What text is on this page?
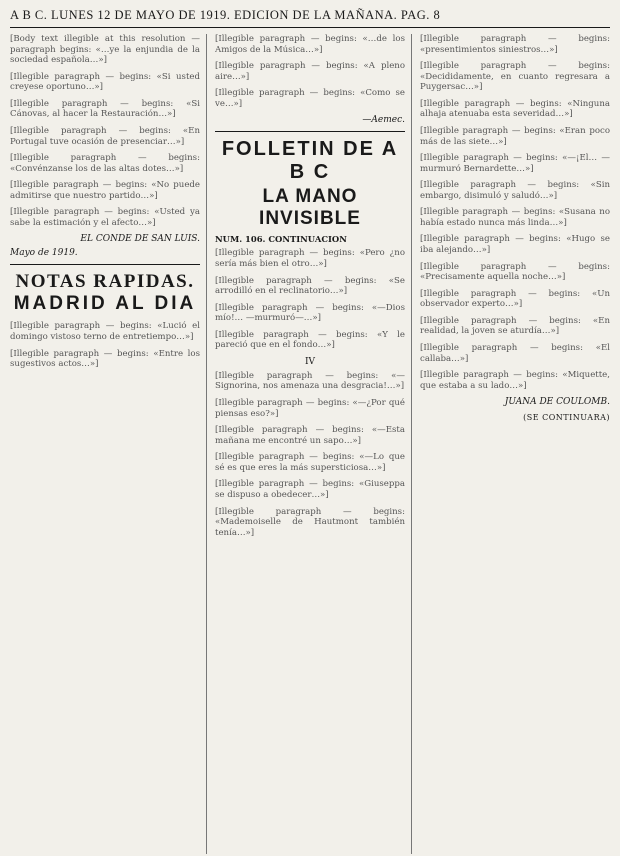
A B C. LUNES 12 DE MAYO DE 1919. EDICION DE LA MAÑANA. PAG. 8

[Body text illegible at this resolution — paragraph begins: «…ye la enjundia de la sociedad española…»]

[Illegible paragraph — begins: «Si usted creyese oportuno…»]

[Illegible paragraph — begins: «Si Cánovas, al hacer la Restauración…»]

[Illegible paragraph — begins: «En Portugal tuve ocasión de presenciar…»]

[Illegible paragraph — begins: «Convénzanse los de las altas dotes…»]

[Illegible paragraph — begins: «No puede admitirse que nuestro partido…»]

[Illegible paragraph — begins: «Usted ya sabe la estimación y el afecto…»]

EL CONDE DE SAN LUIS.
Mayo de 1919.
NOTAS RAPIDAS.
MADRID AL DIA

[Illegible paragraph — begins: «Lució el domingo vistoso terno de entretiempo…»]

[Illegible paragraph — begins: «Entre los sugestivos actos…»]

[Illegible paragraph — begins: «…de los Amigos de la Música…»]

[Illegible paragraph — begins: «A pleno aire…»]

[Illegible paragraph — begins: «Como se ve…»]

—Aemec.
FOLLETIN DE A B C
LA MANO INVISIBLE
NUM. 106. CONTINUACION

[Illegible paragraph — begins: «Pero ¿no sería más bien el otro…»]

[Illegible paragraph — begins: «Se arrodilló en el reclinatorio…»]

[Illegible paragraph — begins: «—Dios mío!… —murmuró—…»]

[Illegible paragraph — begins: «Y le pareció que en el fondo…»]

IV

[Illegible paragraph — begins: «—Signorina, nos amenaza una desgracia!…»]

[Illegible paragraph — begins: «—¿Por qué piensas eso?»]

[Illegible paragraph — begins: «—Esta mañana me encontré un sapo…»]

[Illegible paragraph — begins: «—Lo que sé es que eres la más supersticiosa…»]

[Illegible paragraph — begins: «Giuseppa se dispuso a obedecer…»]

[Illegible paragraph — begins: «Mademoiselle de Hautmont también tenía…»]

[Illegible paragraph — begins: «presentimientos siniestros…»]

[Illegible paragraph — begins: «Decididamente, en cuanto regresara a Puygersac…»]

[Illegible paragraph — begins: «Ninguna alhaja atenuaba esta severidad…»]

[Illegible paragraph — begins: «Eran poco más de las siete…»]

[Illegible paragraph — begins: «—¡El… —murmuró Bernardette…»]

[Illegible paragraph — begins: «Sin embargo, disimuló y saludó…»]

[Illegible paragraph — begins: «Susana no había estado nunca más linda…»]

[Illegible paragraph — begins: «Hugo se iba alejando…»]

[Illegible paragraph — begins: «Precisamente aquella noche…»]

[Illegible paragraph — begins: «Un observador experto…»]

[Illegible paragraph — begins: «En realidad, la joven se aturdía…»]

[Illegible paragraph — begins: «El callaba…»]

[Illegible paragraph — begins: «Miquette, que estaba a su lado…»]

JUANA DE COULOMB.
(SE CONTINUARA)
